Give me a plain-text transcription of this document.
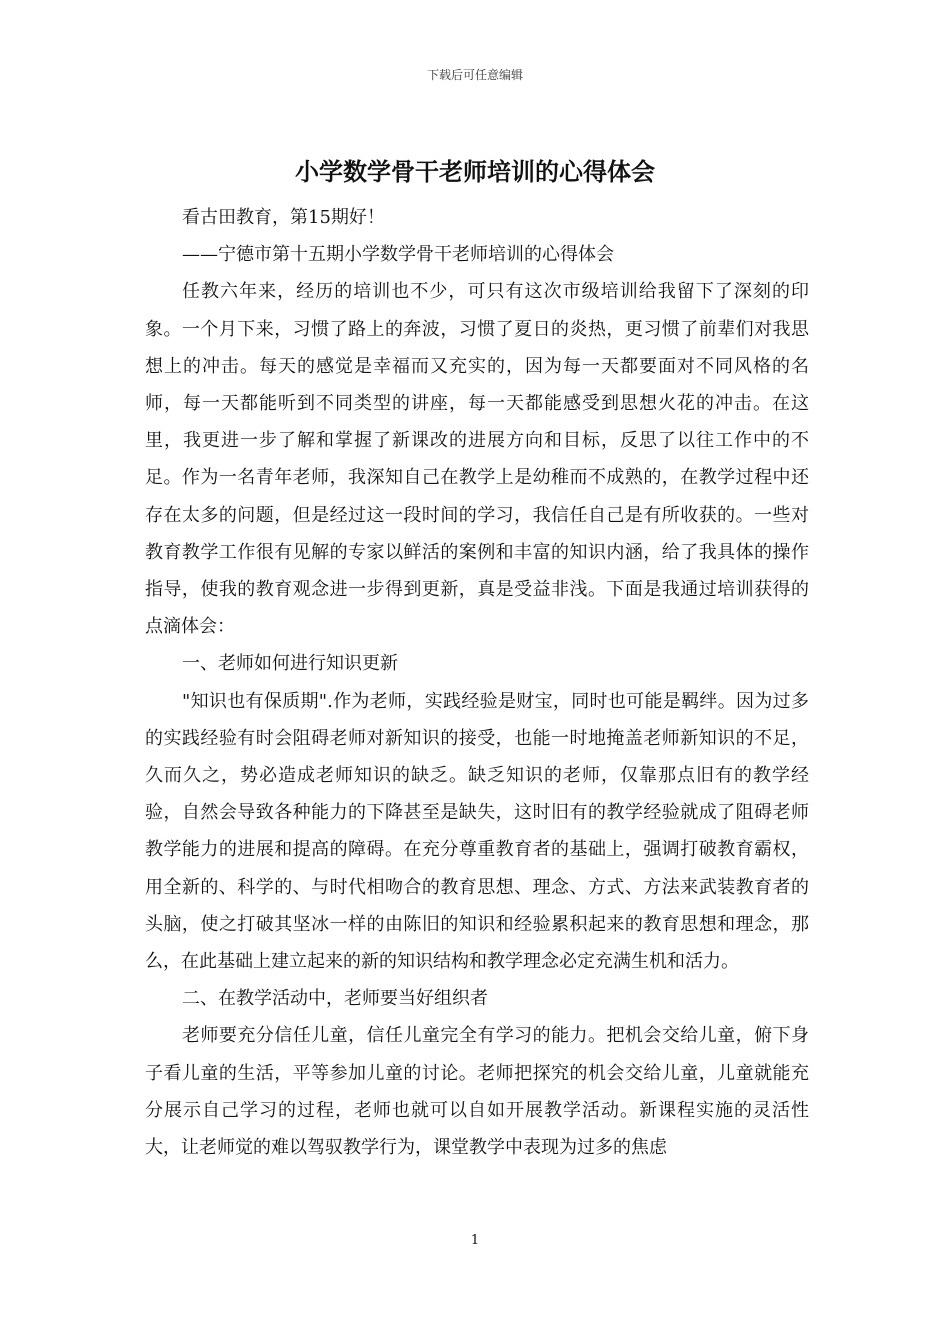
下载后可任意编辑
小学数学骨干老师培训的心得体会

看古田教育，第15期好！

——宁德市第十五期小学数学骨干老师培训的心得体会

任教六年来，经历的培训也不少，可只有这次市级培训给我留下了深刻的印象。一个月下来，习惯了路上的奔波，习惯了夏日的炎热，更习惯了前辈们对我思想上的冲击。每天的感觉是幸福而又充实的，因为每一天都要面对不同风格的名师，每一天都能听到不同类型的讲座，每一天都能感受到思想火花的冲击。在这里，我更进一步了解和掌握了新课改的进展方向和目标，反思了以往工作中的不足。作为一名青年老师，我深知自己在教学上是幼稚而不成熟的，在教学过程中还存在太多的问题，但是经过这一段时间的学习，我信任自己是有所收获的。一些对教育教学工作很有见解的专家以鲜活的案例和丰富的知识内涵，给了我具体的操作指导，使我的教育观念进一步得到更新，真是受益非浅。下面是我通过培训获得的点滴体会：

一、老师如何进行知识更新

"知识也有保质期".作为老师，实践经验是财宝，同时也可能是羁绊。因为过多的实践经验有时会阻碍老师对新知识的接受，也能一时地掩盖老师新知识的不足，久而久之，势必造成老师知识的缺乏。缺乏知识的老师，仅靠那点旧有的教学经验，自然会导致各种能力的下降甚至是缺失，这时旧有的教学经验就成了阻碍老师教学能力的进展和提高的障碍。在充分尊重教育者的基础上，强调打破教育霸权，用全新的、科学的、与时代相吻合的教育思想、理念、方式、方法来武装教育者的头脑，使之打破其坚冰一样的由陈旧的知识和经验累积起来的教育思想和理念，那么，在此基础上建立起来的新的知识结构和教学理念必定充满生机和活力。

二、在教学活动中，老师要当好组织者

老师要充分信任儿童，信任儿童完全有学习的能力。把机会交给儿童，俯下身子看儿童的生活，平等参加儿童的讨论。老师把探究的机会交给儿童，儿童就能充分展示自己学习的过程，老师也就可以自如开展教学活动。新课程实施的灵活性大，让老师觉的难以驾驭教学行为，课堂教学中表现为过多的焦虑

1
